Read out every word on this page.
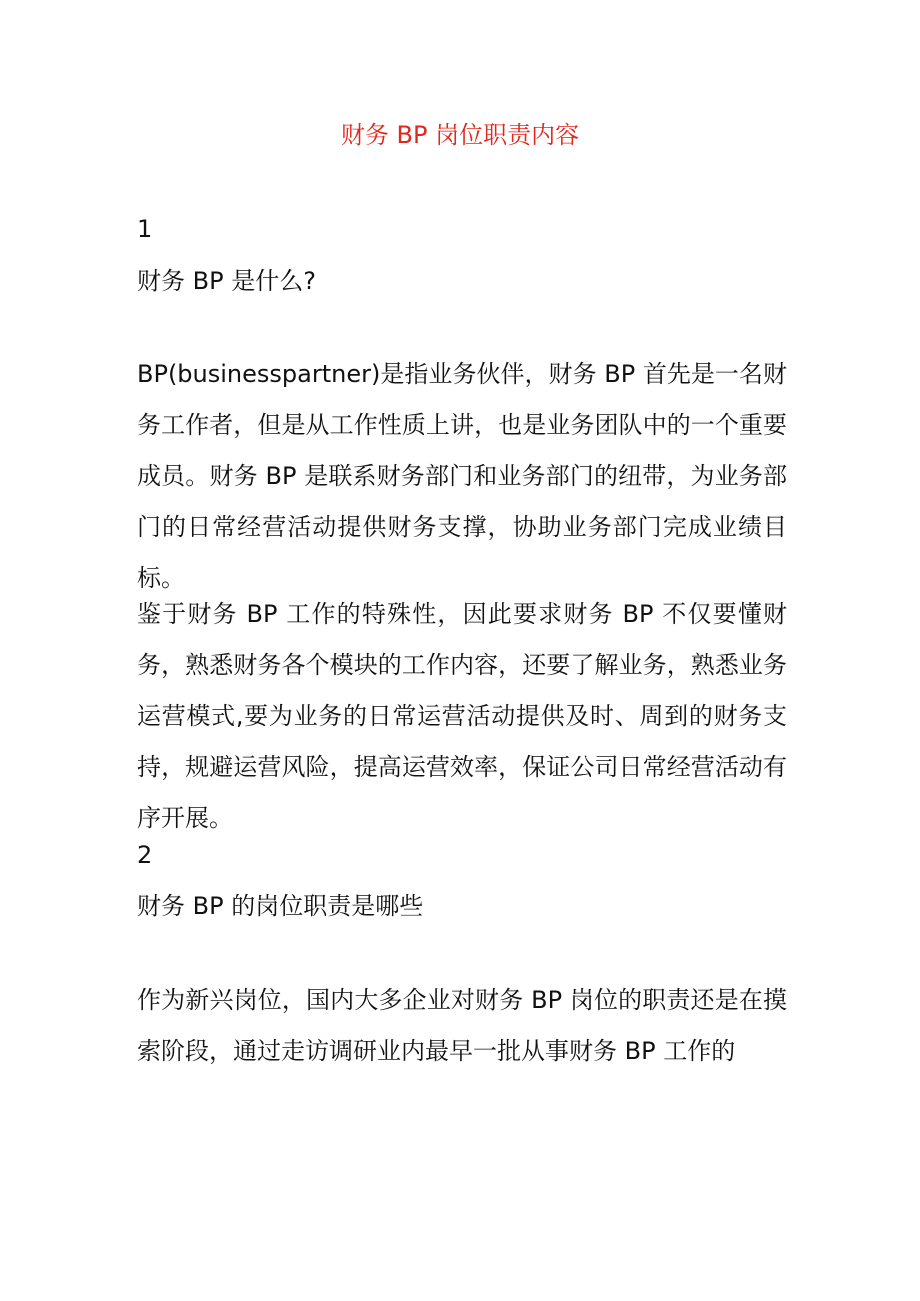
财务 BP 岗位职责内容
1
财务 BP 是什么?

BP(businesspartner)是指业务伙伴，财务 BP 首先是一名财务工作者，但是从工作性质上讲，也是业务团队中的一个重要成员。财务 BP 是联系财务部门和业务部门的纽带，为业务部门的日常经营活动提供财务支撑，协助业务部门完成业绩目标。

鉴于财务 BP 工作的特殊性，因此要求财务 BP 不仅要懂财务，熟悉财务各个模块的工作内容，还要了解业务，熟悉业务运营模式,要为业务的日常运营活动提供及时、周到的财务支持，规避运营风险，提高运营效率，保证公司日常经营活动有序开展。

2
财务 BP 的岗位职责是哪些

作为新兴岗位，国内大多企业对财务 BP 岗位的职责还是在摸索阶段，通过走访调研业内最早一批从事财务 BP 工作的
